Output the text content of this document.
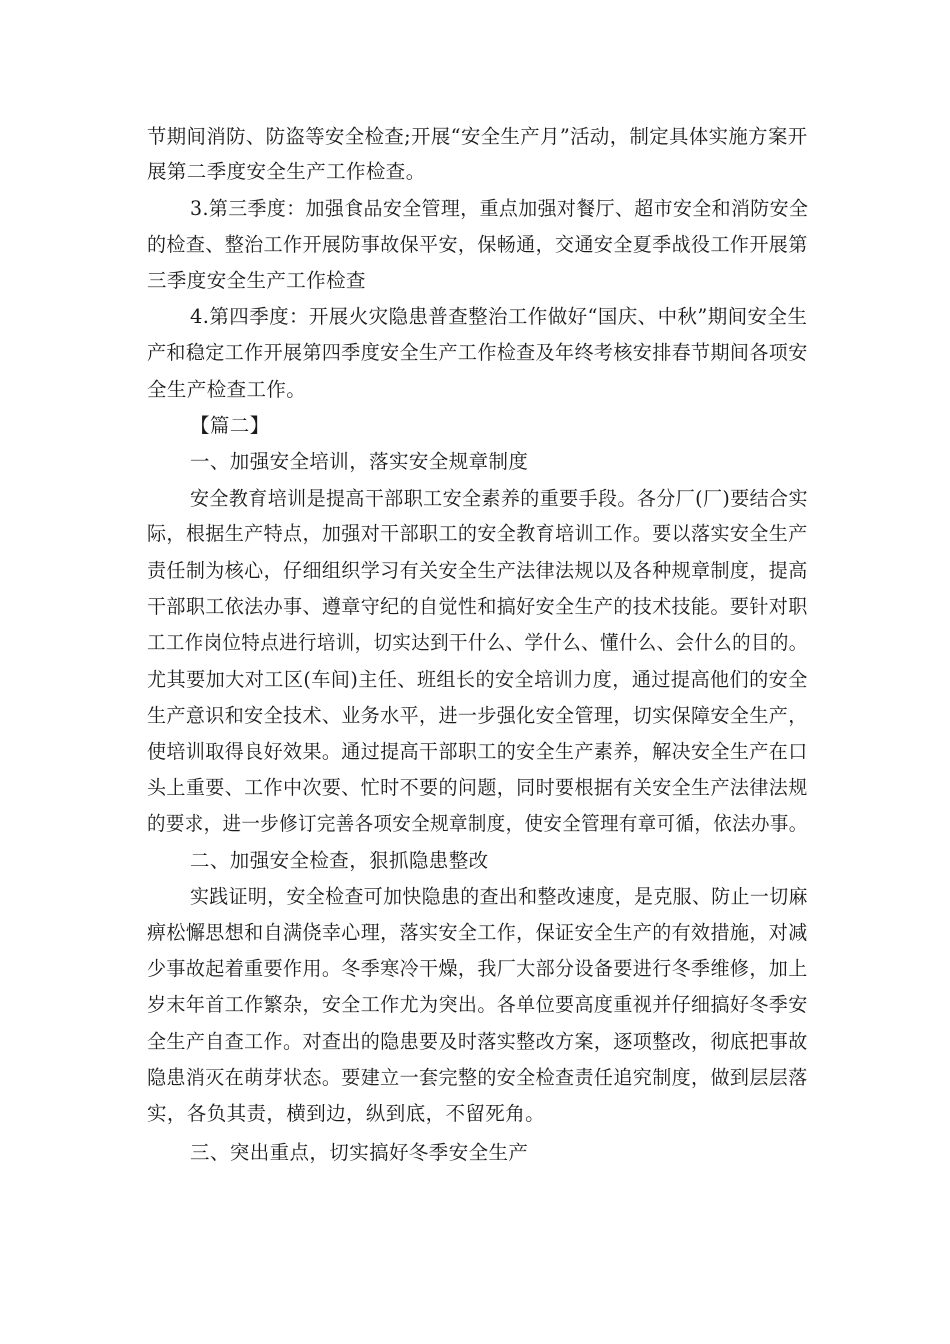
节期间消防、防盗等安全检查;开展“安全生产月”活动，制定具体实施方案开
展第二季度安全生产工作检查。
3.第三季度：加强食品安全管理，重点加强对餐厅、超市安全和消防安全
的检查、整治工作开展防事故保平安，保畅通，交通安全夏季战役工作开展第
三季度安全生产工作检查
4.第四季度：开展火灾隐患普查整治工作做好“国庆、中秋”期间安全生
产和稳定工作开展第四季度安全生产工作检查及年终考核安排春节期间各项安
全生产检查工作。
【篇二】
一、加强安全培训，落实安全规章制度
安全教育培训是提高干部职工安全素养的重要手段。各分厂(厂)要结合实
际，根据生产特点，加强对干部职工的安全教育培训工作。要以落实安全生产
责任制为核心，仔细组织学习有关安全生产法律法规以及各种规章制度，提高
干部职工依法办事、遵章守纪的自觉性和搞好安全生产的技术技能。要针对职
工工作岗位特点进行培训，切实达到干什么、学什么、懂什么、会什么的目的。
尤其要加大对工区(车间)主任、班组长的安全培训力度，通过提高他们的安全
生产意识和安全技术、业务水平，进一步强化安全管理，切实保障安全生产，
使培训取得良好效果。通过提高干部职工的安全生产素养，解决安全生产在口
头上重要、工作中次要、忙时不要的问题，同时要根据有关安全生产法律法规
的要求，进一步修订完善各项安全规章制度，使安全管理有章可循，依法办事。
二、加强安全检查，狠抓隐患整改
实践证明，安全检查可加快隐患的查出和整改速度，是克服、防止一切麻
痹松懈思想和自满侥幸心理，落实安全工作，保证安全生产的有效措施，对减
少事故起着重要作用。冬季寒冷干燥，我厂大部分设备要进行冬季维修，加上
岁末年首工作繁杂，安全工作尤为突出。各单位要高度重视并仔细搞好冬季安
全生产自查工作。对查出的隐患要及时落实整改方案，逐项整改，彻底把事故
隐患消灭在萌芽状态。要建立一套完整的安全检查责任追究制度，做到层层落
实，各负其责，横到边，纵到底，不留死角。
三、突出重点，切实搞好冬季安全生产
